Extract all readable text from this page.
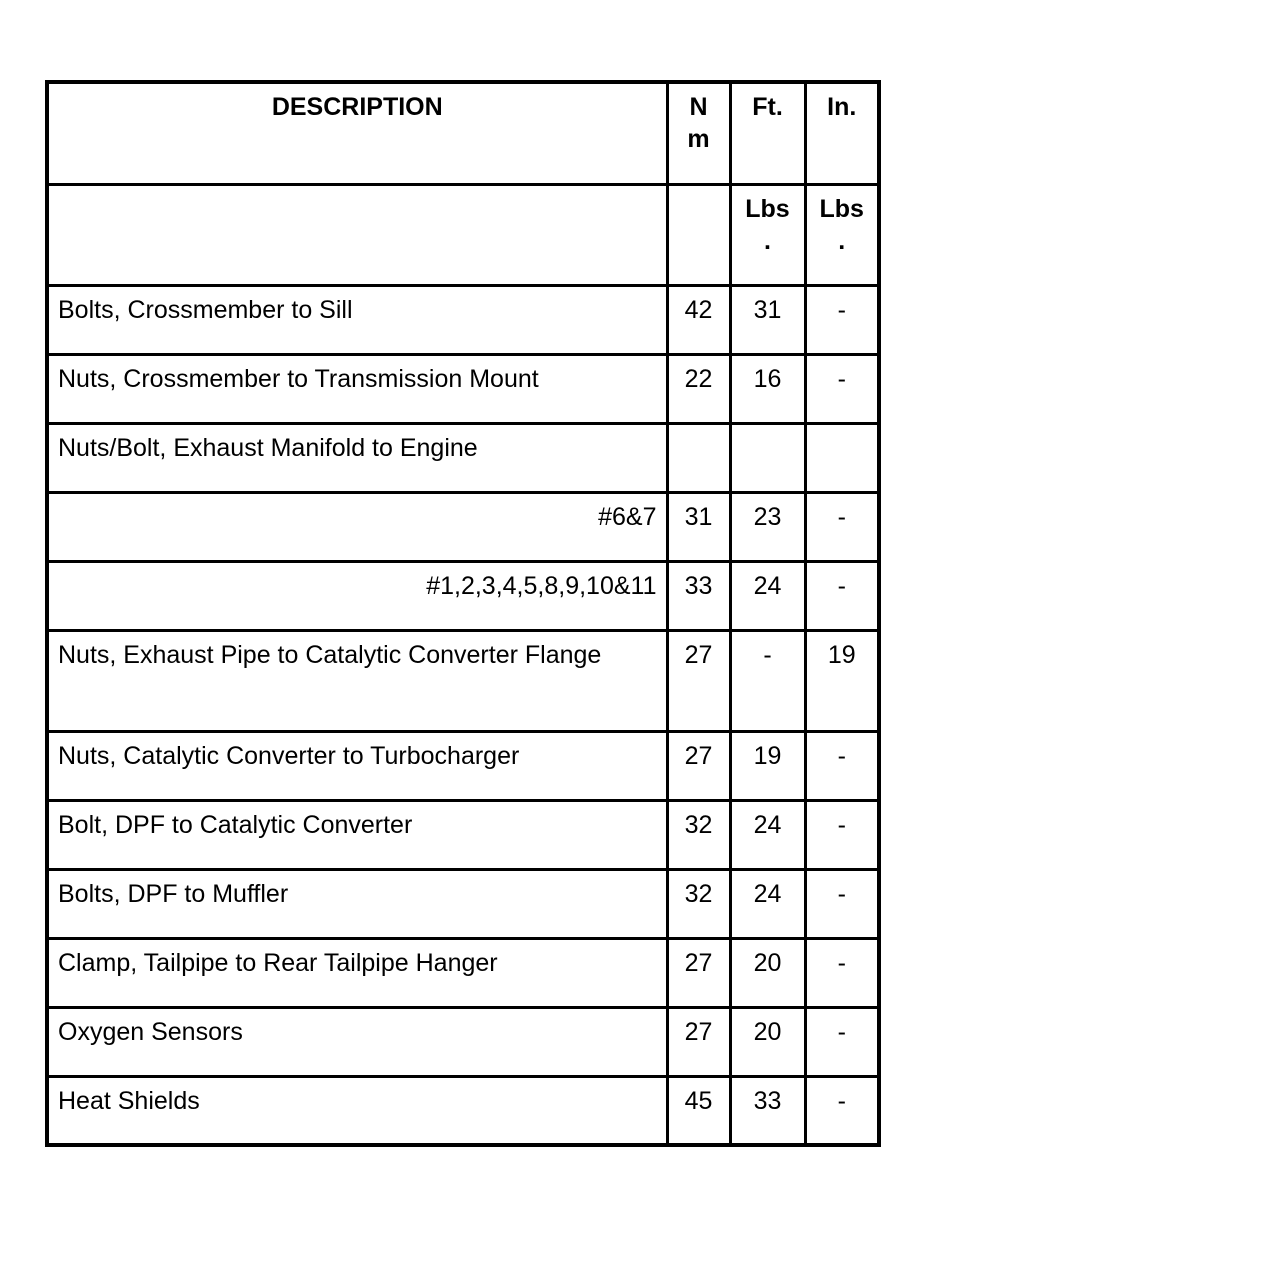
DESCRIPTION	N m	Ft.	In.
		Lbs .	Lbs .
Bolts, Crossmember to Sill	42	31	-
Nuts, Crossmember to Transmission Mount	22	16	-
Nuts/Bolt, Exhaust Manifold to Engine			
#6&7	31	23	-
#1,2,3,4,5,8,9,10&11	33	24	-
Nuts, Exhaust Pipe to Catalytic Converter Flange	27	-	19
Nuts, Catalytic Converter to Turbocharger	27	19	-
Bolt, DPF to Catalytic Converter	32	24	-
Bolts, DPF to Muffler	32	24	-
Clamp, Tailpipe to Rear Tailpipe Hanger	27	20	-
Oxygen Sensors	27	20	-
Heat Shields	45	33	-
